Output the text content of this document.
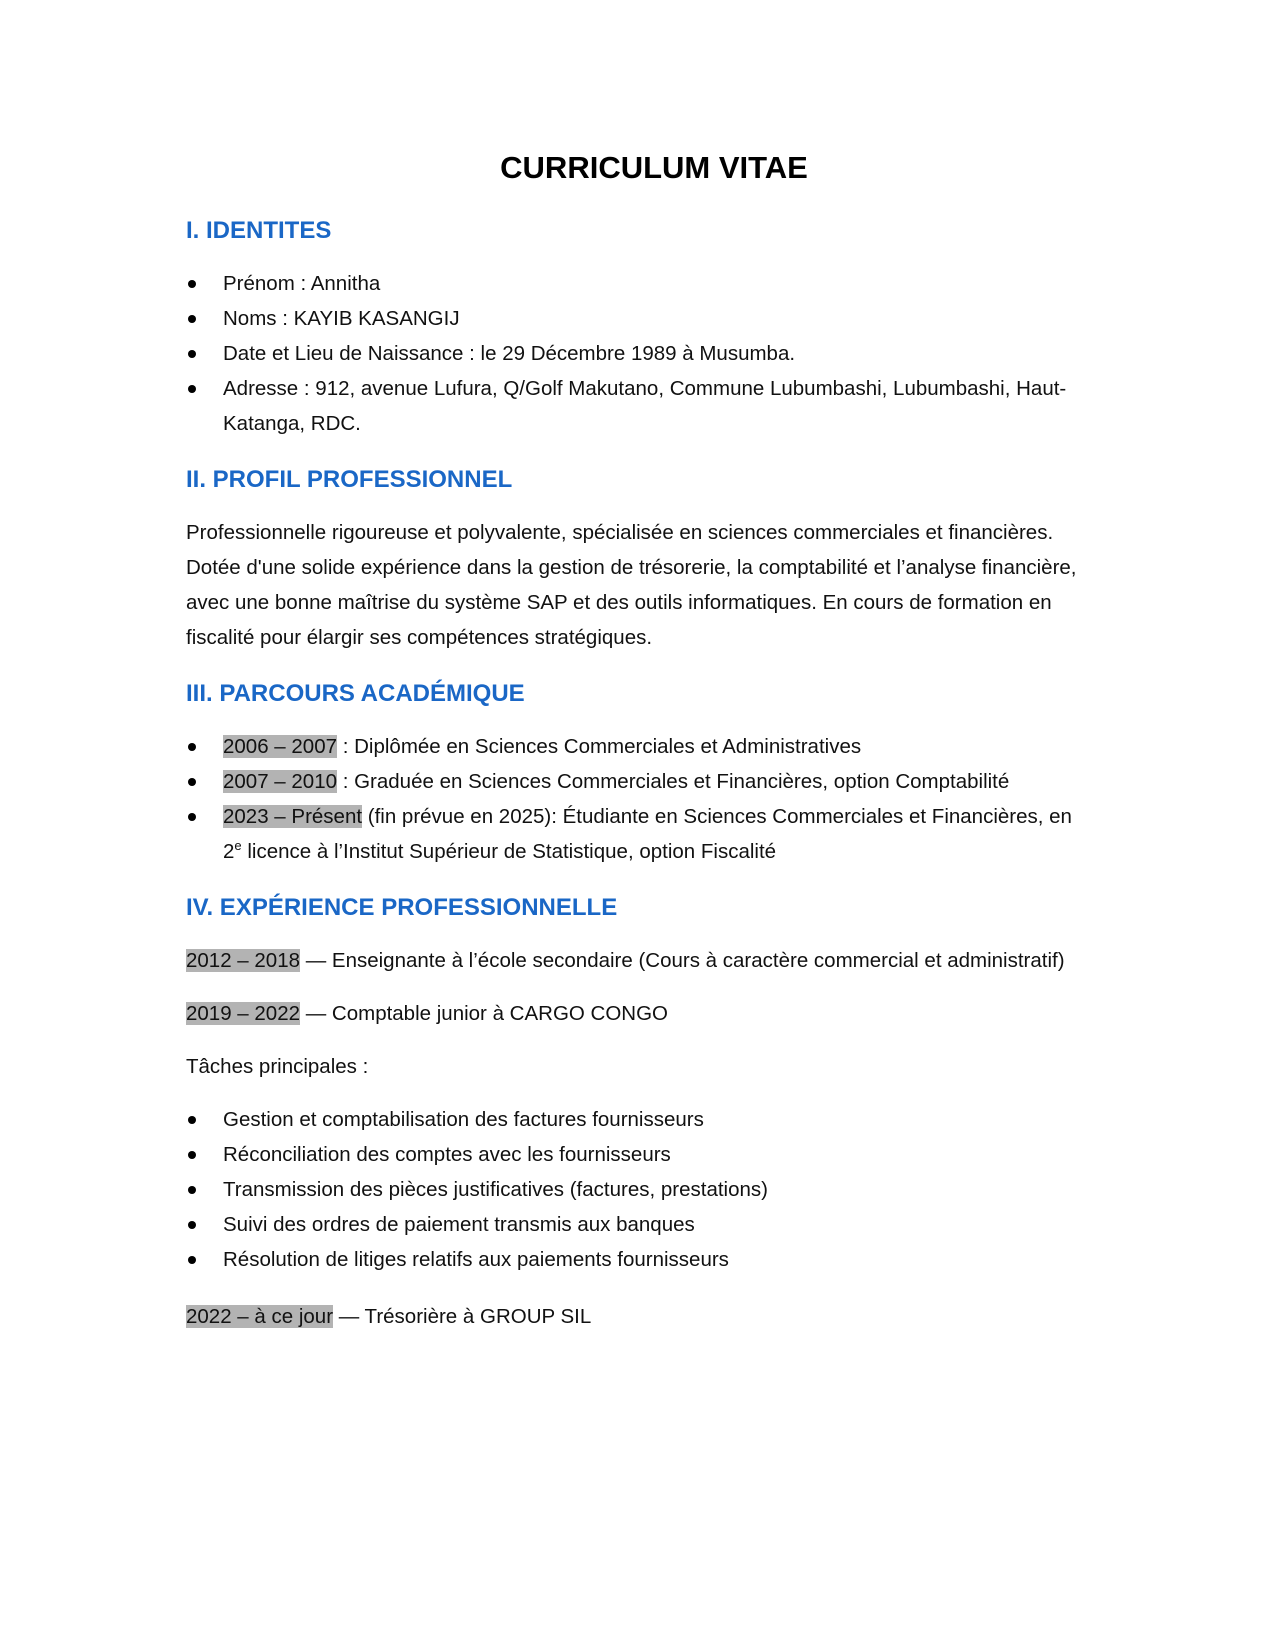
CURRICULUM VITAE
I. IDENTITES
Prénom : Annitha
Noms : KAYIB KASANGIJ
Date et Lieu de Naissance : le 29 Décembre 1989 à Musumba.
Adresse : 912, avenue Lufura, Q/Golf Makutano, Commune Lubumbashi, Lubumbashi, Haut-Katanga, RDC.
II. PROFIL PROFESSIONNEL

Professionnelle rigoureuse et polyvalente, spécialisée en sciences commerciales et financières. Dotée d'une solide expérience dans la gestion de trésorerie, la comptabilité et l’analyse financière, avec une bonne maîtrise du système SAP et des outils informatiques. En cours de formation en fiscalité pour élargir ses compétences stratégiques.

III. PARCOURS ACADÉMIQUE
2006 – 2007 : Diplômée en Sciences Commerciales et Administratives
2007 – 2010 : Graduée en Sciences Commerciales et Financières, option Comptabilité
2023 – Présent (fin prévue en 2025): Étudiante en Sciences Commerciales et Financières, en 2e licence à l’Institut Supérieur de Statistique, option Fiscalité
IV. EXPÉRIENCE PROFESSIONNELLE

2012 – 2018 — Enseignante à l’école secondaire (Cours à caractère commercial et administratif)

2019 – 2022 — Comptable junior à CARGO CONGO

Tâches principales :

Gestion et comptabilisation des factures fournisseurs
Réconciliation des comptes avec les fournisseurs
Transmission des pièces justificatives (factures, prestations)
Suivi des ordres de paiement transmis aux banques
Résolution de litiges relatifs aux paiements fournisseurs

2022 – à ce jour — Trésorière à GROUP SIL
